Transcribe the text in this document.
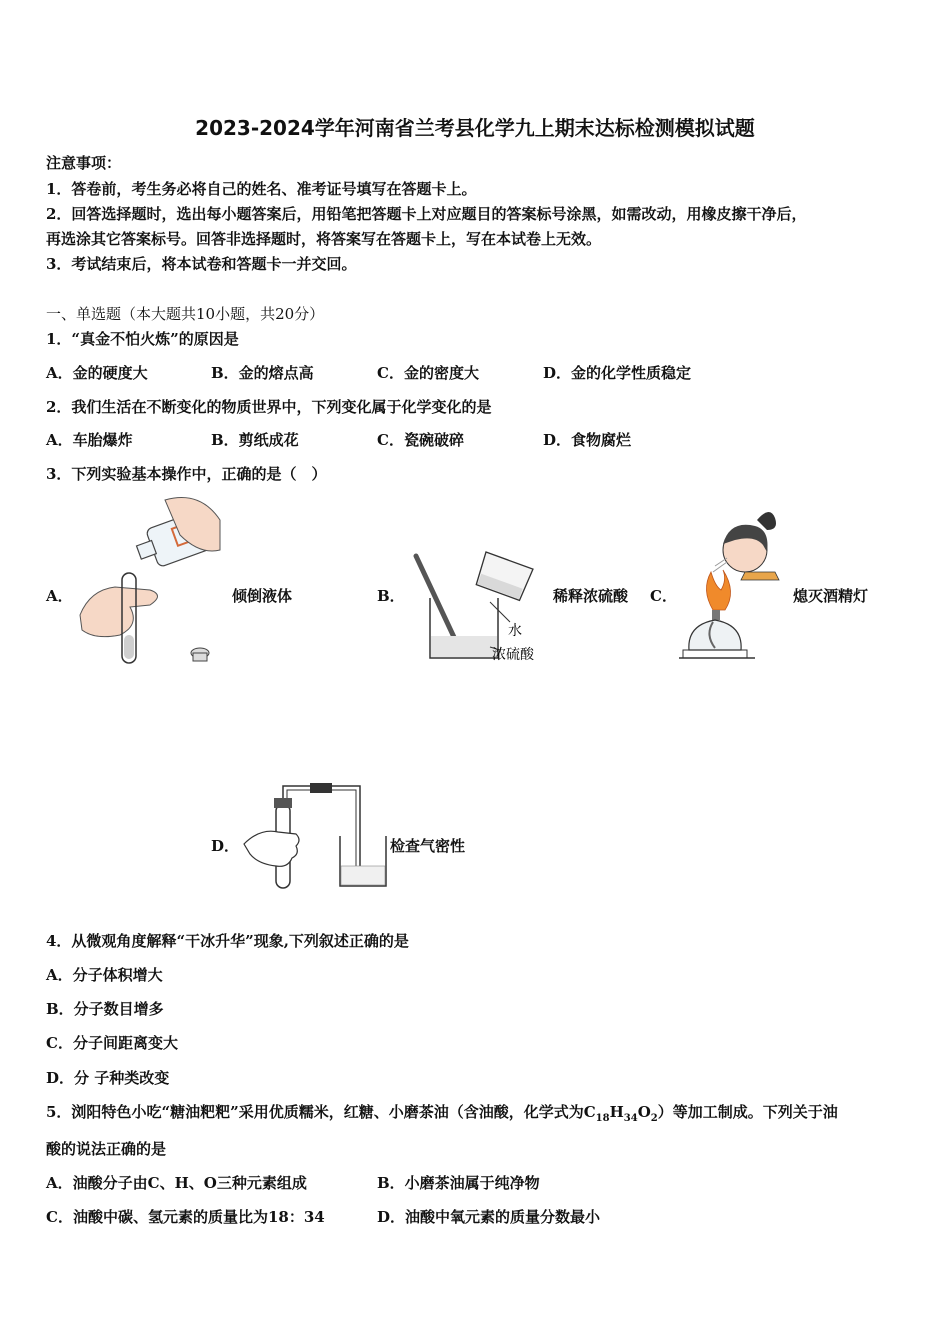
2023-2024学年河南省兰考县化学九上期末达标检测模拟试题
注意事项：
1．答卷前，考生务必将自己的姓名、准考证号填写在答题卡上。
2．回答选择题时，选出每小题答案后，用铅笔把答题卡上对应题目的答案标号涂黑，如需改动，用橡皮擦干净后，
再选涂其它答案标号。回答非选择题时，将答案写在答题卡上，写在本试卷上无效。
3．考试结束后，将本试卷和答题卡一并交回。
一、单选题（本大题共10小题，共20分）
1．“真金不怕火炼”的原因是
A．金的硬度大	B．金的熔点高	C．金的密度大	D．金的化学性质稳定
2．我们生活在不断变化的物质世界中，下列变化属于化学变化的是
A．车胎爆炸	B．剪纸成花	C．瓷碗破碎	D．食物腐烂
3．下列实验基本操作中，正确的是（　）
A．	倾倒液体	B．
水
浓硫酸
稀释浓硫酸 C．	熄灭酒精灯
D．	检查气密性
4．从微观角度解释“干冰升华”现象,下列叙述正确的是
A．分子体积增大
B．分子数目增多
C．分子间距离变大
D．分 子种类改变
5．浏阳特色小吃“糖油粑粑”采用优质糯米，红糖、小磨茶油（含油酸，化学式为$C_{18}H_{34}O_2$）等加工制成。下列关于油
酸的说法正确的是
A．油酸分子由C、H、O三种元素组成	B．小磨茶油属于纯净物
C．油酸中碳、氢元素的质量比为18：34	D．油酸中氧元素的质量分数最小
